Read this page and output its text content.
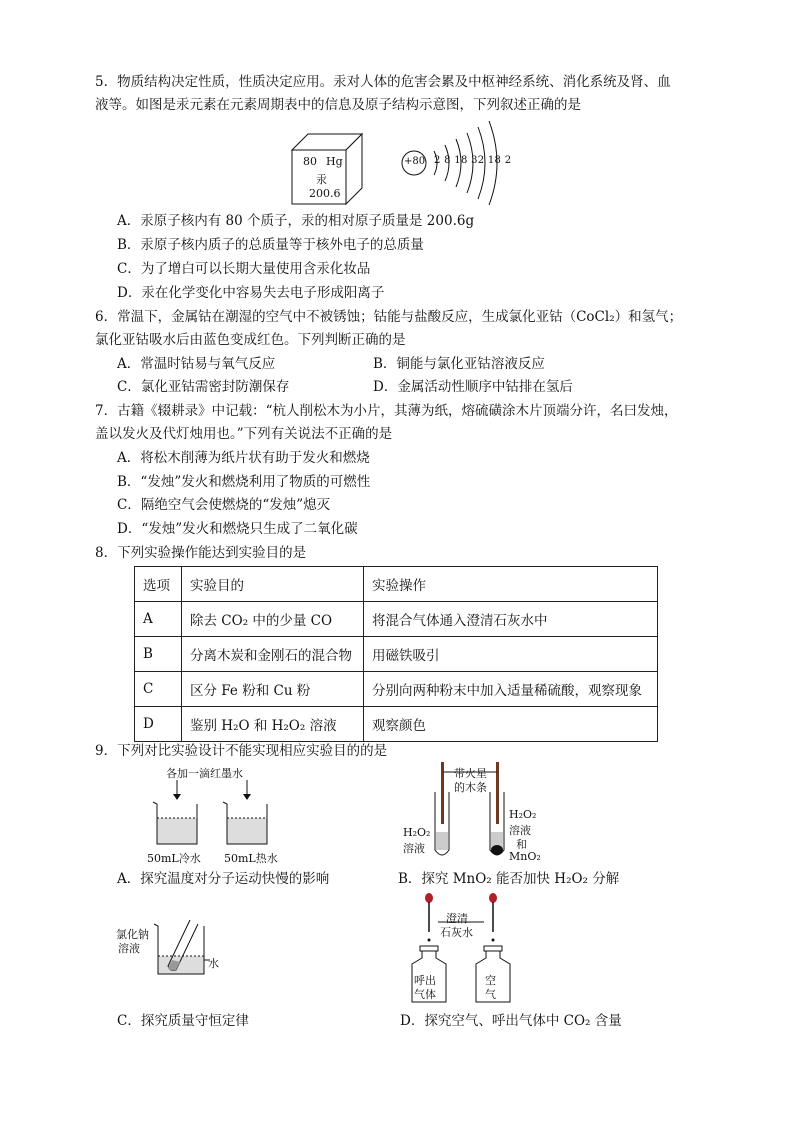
5．物质结构决定性质，性质决定应用。汞对人体的危害会累及中枢神经系统、消化系统及肾、血
液等。如图是汞元素在元素周期表中的信息及原子结构示意图，下列叙述正确的是
80 Hg
汞
200.6
+80 2 8 18 32 18 2
A．汞原子核内有 80 个质子，汞的相对原子质量是 200.6g
B．汞原子核内质子的总质量等于核外电子的总质量
C．为了增白可以长期大量使用含汞化妆品
D．汞在化学变化中容易失去电子形成阳离子
6．常温下，金属钴在潮湿的空气中不被锈蚀；钴能与盐酸反应，生成氯化亚钴（CoCl₂）和氢气；
氯化亚钴吸水后由蓝色变成红色。下列判断正确的是
A．常温时钴易与氧气反应	B．铜能与氯化亚钴溶液反应
C．氯化亚钴需密封防潮保存	D．金属活动性顺序中钴排在氢后
7．古籍《辍耕录》中记载：“杭人削松木为小片，其薄为纸，熔硫磺涂木片顶端分许，名曰发烛，
盖以发火及代灯烛用也。”下列有关说法不正确的是
A．将松木削薄为纸片状有助于发火和燃烧
B．“发烛”发火和燃烧利用了物质的可燃性
C．隔绝空气会使燃烧的“发烛”熄灭
D．“发烛”发火和燃烧只生成了二氧化碳
8．下列实验操作能达到实验目的是
选项	实验目的	实验操作
A	除去 CO₂ 中的少量 CO	将混合气体通入澄清石灰水中
B	分离木炭和金刚石的混合物	用磁铁吸引
C	区分 Fe 粉和 Cu 粉	分别向两种粉末中加入适量稀硫酸，观察现象
D	鉴别 H₂O 和 H₂O₂ 溶液	观察颜色
9．下列对比实验设计不能实现相应实验目的的是
各加一滴红墨水
50mL冷水 50mL热水
带火星
的木条
H₂O₂
溶液
H₂O₂
溶液
和
MnO₂
A．探究温度对分子运动快慢的影响	B．探究 MnO₂ 能否加快 H₂O₂ 分解
氯化钠
溶液
水
澄清
石灰水
呼出
气体
空
气
C．探究质量守恒定律	D．探究空气、呼出气体中 CO₂ 含量
